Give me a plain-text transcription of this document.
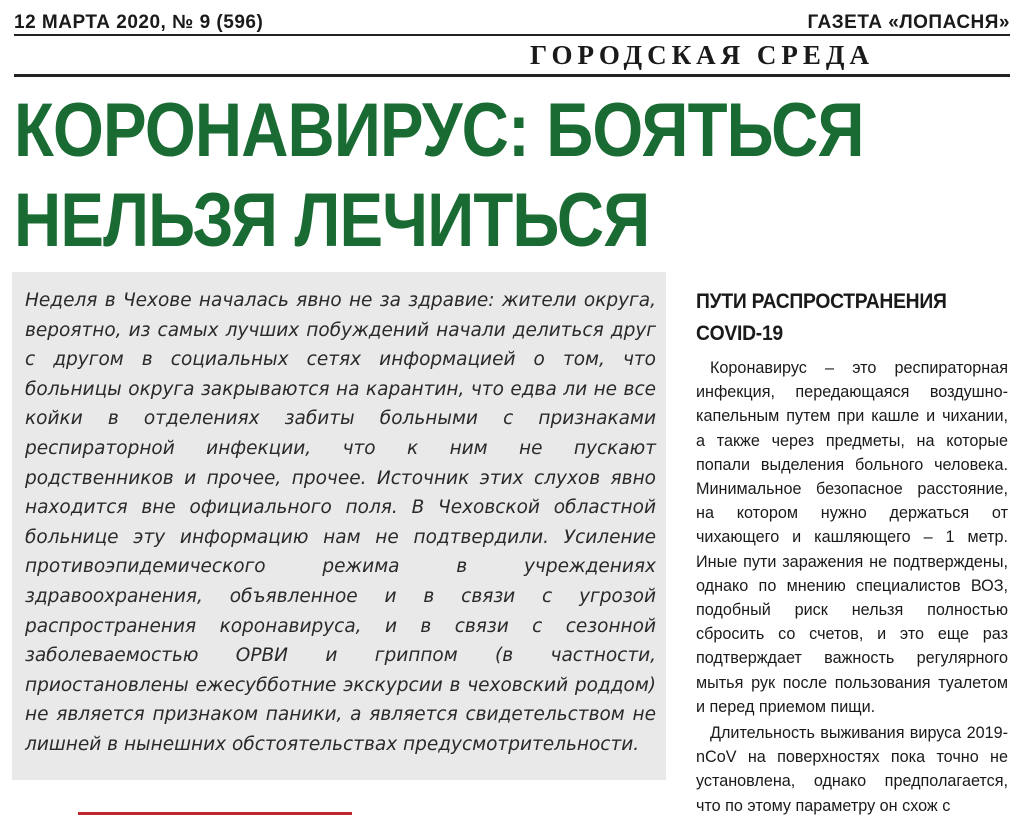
12 МАРТА 2020, № 9 (596)	ГАЗЕТА «ЛОПАСНЯ»
ГОРОДСКАЯ СРЕДА
КОРОНАВИРУС: БОЯТЬСЯ
НЕЛЬЗЯ ЛЕЧИТЬСЯ

Неделя в Чехове началась явно не за здравие: жители округа, вероятно, из самых лучших побуждений начали делиться друг с другом в социальных сетях информацией о том, что больницы округа закрываются на карантин, что едва ли не все койки в отделениях забиты больными с признаками респираторной инфекции, что к ним не пускают родственников и прочее, прочее. Источник этих слухов явно находится вне официального поля. В Чеховской областной больнице эту информацию нам не подтвердили. Усиление противоэпидемического режима в учреждениях здравоохранения, объявленное и в связи с угрозой распространения коронавируса, и в связи с сезонной заболеваемостью ОРВИ и гриппом (в частности, приостановлены ежесубботние экскурсии в чеховский роддом) не является признаком паники, а является свидетельством не лишней в нынешних обстоятельствах предусмотрительности.

ПУТИ РАСПРОСТРАНЕНИЯ
COVID-19

Коронавирус – это респираторная инфекция, передающаяся воздушно-капельным путем при кашле и чихании, а также через предметы, на которые попали выделения больного человека. Минимальное безопасное расстояние, на котором нужно держаться от чихающего и кашляющего – 1 метр. Иные пути заражения не подтверждены, однако по мнению специалистов ВОЗ, подобный риск нельзя полностью сбросить со счетов, и это еще раз подтверждает важность регулярного мытья рук после пользования туалетом и перед приемом пищи.

Длительность выживания вируса 2019-nCoV на поверхностях пока точно не установлена, однако предполагается, что по этому параметру он схож с
